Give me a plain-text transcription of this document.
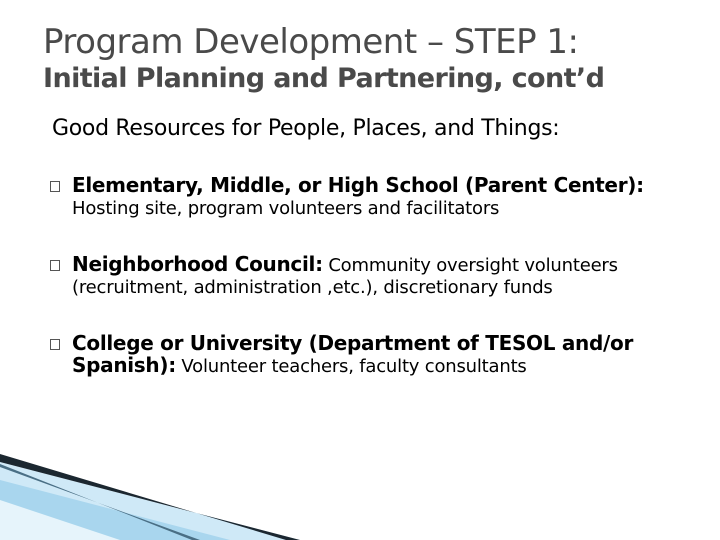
Program Development – STEP 1:
Initial Planning and Partnering, cont’d
Good Resources for People, Places, and Things:
Elementary, Middle, or High School (Parent Center): Hosting site, program volunteers and facilitators
Neighborhood Council: Community oversight volunteers (recruitment, administration ,etc.), discretionary funds
College or University (Department of TESOL and/or Spanish): Volunteer teachers, faculty consultants
